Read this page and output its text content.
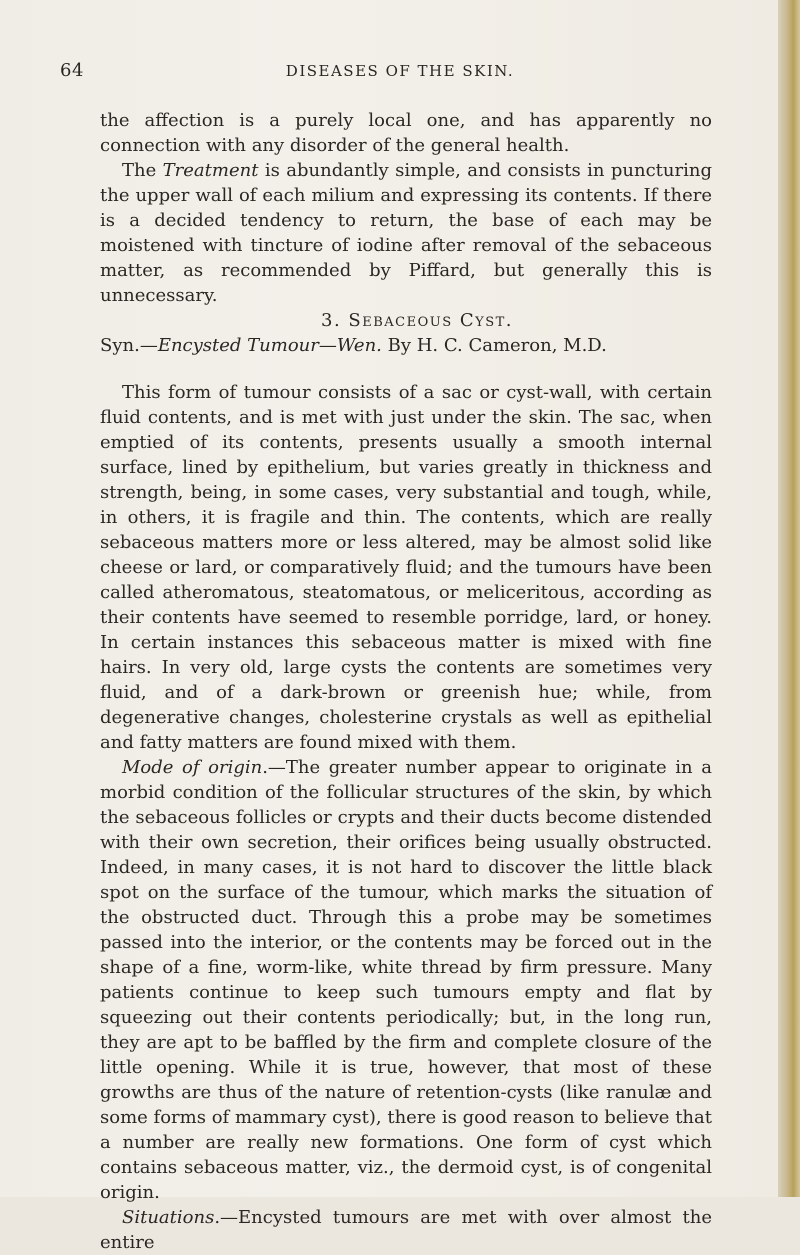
64	DISEASES OF THE SKIN.

the affection is a purely local one, and has apparently no connection with any disorder of the general health.

The Treatment is abundantly simple, and consists in puncturing the upper wall of each milium and expressing its contents. If there is a decided tendency to return, the base of each may be moistened with tincture of iodine after removal of the sebaceous matter, as recommended by Piffard, but generally this is unnecessary.

3. Sebaceous Cyst.

Syn.—Encysted Tumour—Wen. By H. C. Cameron, M.D.

This form of tumour consists of a sac or cyst-wall, with certain fluid contents, and is met with just under the skin. The sac, when emptied of its contents, presents usually a smooth internal surface, lined by epithelium, but varies greatly in thickness and strength, being, in some cases, very substantial and tough, while, in others, it is fragile and thin. The contents, which are really sebaceous matters more or less altered, may be almost solid like cheese or lard, or comparatively fluid; and the tumours have been called atheromatous, steatomatous, or meliceritous, according as their contents have seemed to resemble porridge, lard, or honey. In certain instances this sebaceous matter is mixed with fine hairs. In very old, large cysts the contents are sometimes very fluid, and of a dark-brown or greenish hue; while, from degenerative changes, cholesterine crystals as well as epithelial and fatty matters are found mixed with them.

Mode of origin.—The greater number appear to originate in a morbid condition of the follicular structures of the skin, by which the sebaceous follicles or crypts and their ducts become distended with their own secretion, their orifices being usually obstructed. Indeed, in many cases, it is not hard to discover the little black spot on the surface of the tumour, which marks the situation of the obstructed duct. Through this a probe may be sometimes passed into the interior, or the contents may be forced out in the shape of a fine, worm-like, white thread by firm pressure. Many patients continue to keep such tumours empty and flat by squeezing out their contents periodically; but, in the long run, they are apt to be baffled by the firm and complete closure of the little opening. While it is true, however, that most of these growths are thus of the nature of retention-cysts (like ranulæ and some forms of mammary cyst), there is good reason to believe that a number are really new formations. One form of cyst which contains sebaceous matter, viz., the dermoid cyst, is of congenital origin.

Situations.—Encysted tumours are met with over almost the entire
